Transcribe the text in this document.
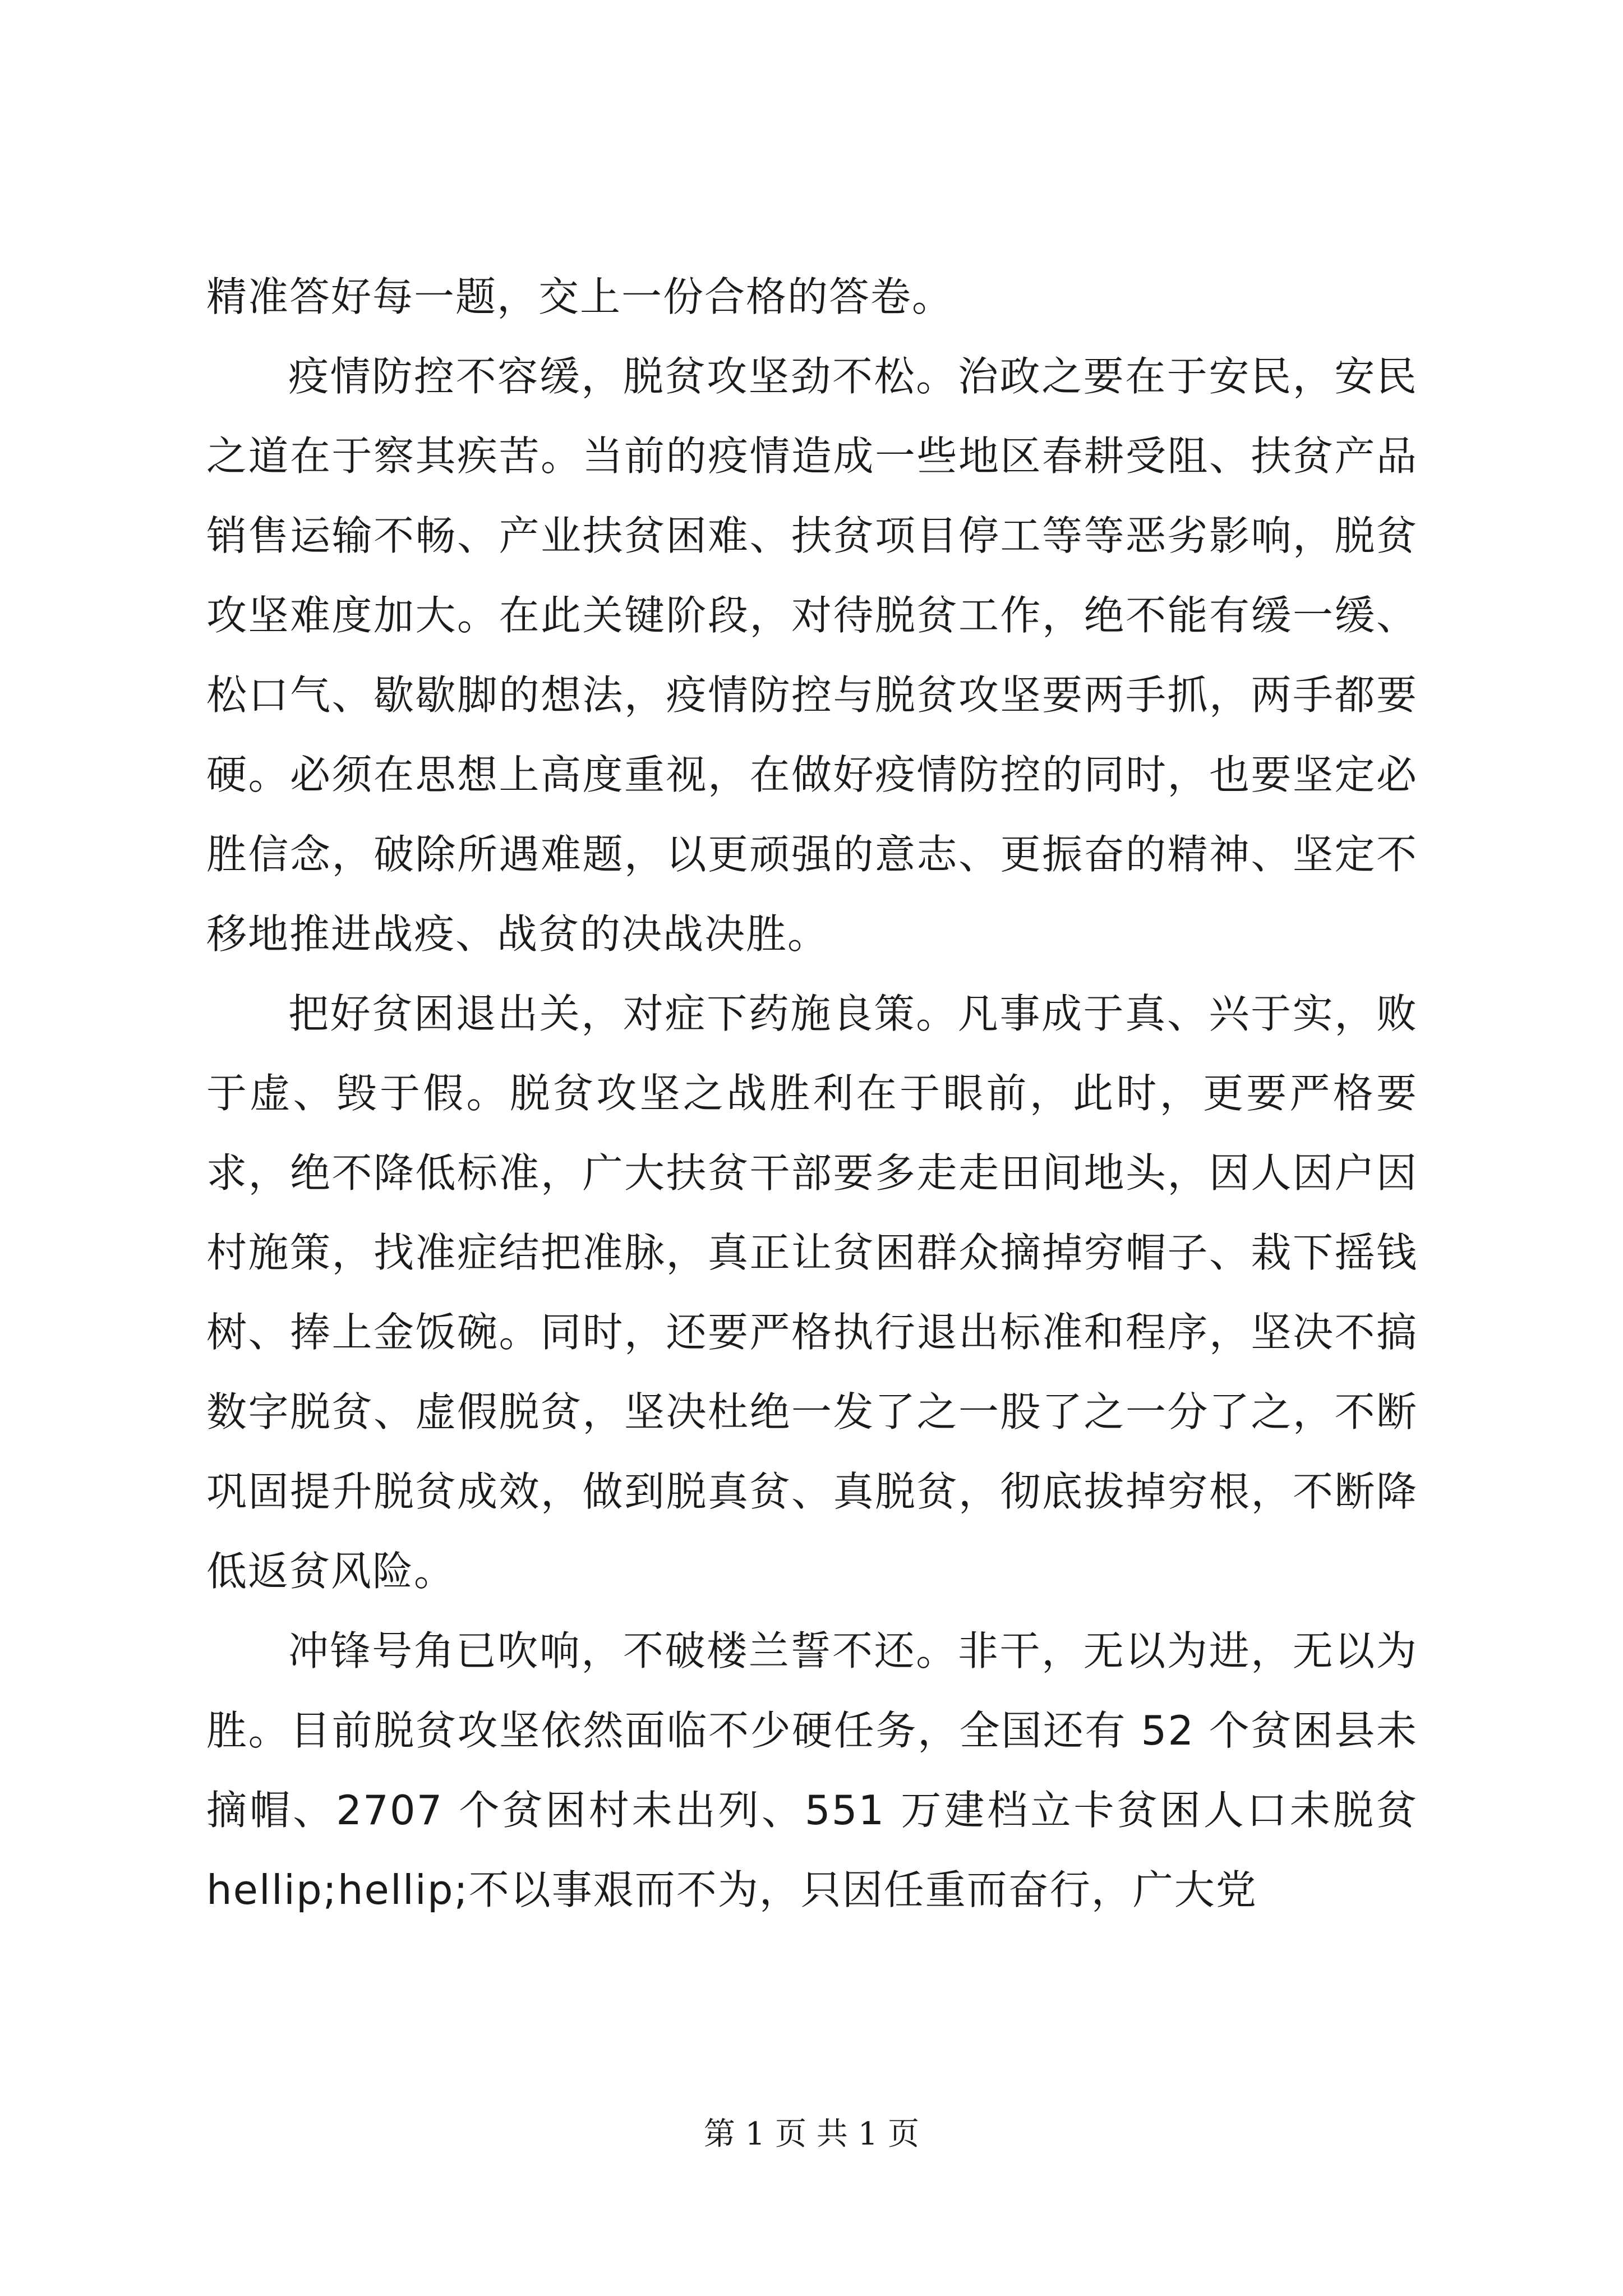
精准答好每一题，交上一份合格的答卷。

疫情防控不容缓，脱贫攻坚劲不松。治政之要在于安民，安民之道在于察其疾苦。当前的疫情造成一些地区春耕受阻、扶贫产品销售运输不畅、产业扶贫困难、扶贫项目停工等等恶劣影响，脱贫攻坚难度加大。在此关键阶段，对待脱贫工作，绝不能有缓一缓、松口气、歇歇脚的想法，疫情防控与脱贫攻坚要两手抓，两手都要硬。必须在思想上高度重视，在做好疫情防控的同时，也要坚定必胜信念，破除所遇难题，以更顽强的意志、更振奋的精神、坚定不移地推进战疫、战贫的决战决胜。

把好贫困退出关，对症下药施良策。凡事成于真、兴于实，败于虚、毁于假。脱贫攻坚之战胜利在于眼前，此时，更要严格要求，绝不降低标准，广大扶贫干部要多走走田间地头，因人因户因村施策，找准症结把准脉，真正让贫困群众摘掉穷帽子、栽下摇钱树、捧上金饭碗。同时，还要严格执行退出标准和程序，坚决不搞数字脱贫、虚假脱贫，坚决杜绝一发了之一股了之一分了之，不断巩固提升脱贫成效，做到脱真贫、真脱贫，彻底拔掉穷根，不断降低返贫风险。

冲锋号角已吹响，不破楼兰誓不还。非干，无以为进，无以为胜。目前脱贫攻坚依然面临不少硬任务，全国还有 52 个贫困县未摘帽、2707 个贫困村未出列、551 万建档立卡贫困人口未脱贫 hellip;hellip;不以事艰而不为，只因任重而奋行，广大党

第 1 页 共 1 页
